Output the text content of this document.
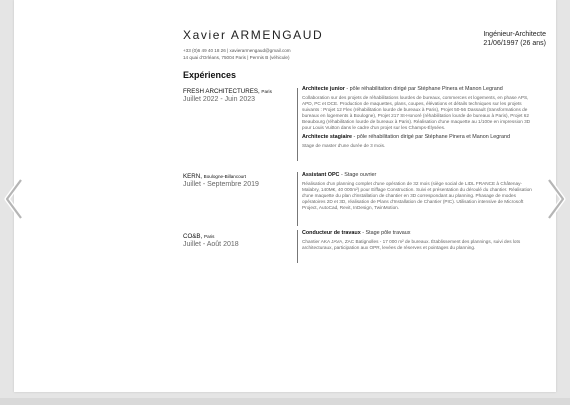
Xavier ARMENGAUD
+33 (0)6 49 40 18 26 | xavierarmengaud@gmail.com
14 quai d'Orléans, 75004 Paris | Permis B (véhicule)
Ingénieur-Architecte
21/06/1997 (26 ans)
Expériences
FRESH ARCHITECTURES, Paris
Juillet 2022 - Juin 2023
KERN, Boulogne-Billancourt
Juillet - Septembre 2019
CO&B, Paris
Juillet - Août 2018
Architecte junior - pôle réhabilitation dirigé par Stéphane Pinera et Manon Legrand
Collaboration sur des projets de réhabilitations lourdes de bureaux, commerces et logements, en phase APS, APD, PC et DCE. Production de maquettes, plans, coupes, élévations et détails techniques sur les projets suivants : Projet 12 Flex (réhabilitation lourde de bureaux à Paris), Projet 50-56 Dassault (transformations de bureaux en logements à Boulogne), Projet 217 St-Honoré (réhabilitation lourde de bureaux à Paris), Projet 62 Beaubourg (réhabilitation lourde de bureaux à Paris). Réalisation d'une maquette au 1/100e en impression 3D pour Louis Vuitton dans le cadre d'un projet sur les Champs-Élysées.
Architecte stagiaire - pôle réhabilitation dirigé par Stéphane Pinera et Manon Legrand
Stage de master d'une durée de 3 mois.
Assistant OPC - Stage ouvrier
Réalisation d'un planning complet d'une opération de 32 mois (siège social de LIDL FRANCE à Châtenay-Malabry, 140M€, 40 000m²) pour Eiffage Construction. Suivi et présentation du déroulé du chantier. Réalisation d'une maquette du plan d'installation de chantier en 3D correspondant au planning. Phasage de modes opératoires 2D et 3D, réalisation de Plans d'Installation de Chantier (PIC). Utilisation intensive de Microsoft Project, AutoCad, Revit, InDesign, TwinMotion.
Conducteur de travaux - Stage pôle travaux
Chantier AKA JAVA, ZAC Batignolles - 17 000 m² de bureaux. Établissement des plannings, suivi des lots architecturaux, participation aux OPR, levées de réserves et pointages du planning.
